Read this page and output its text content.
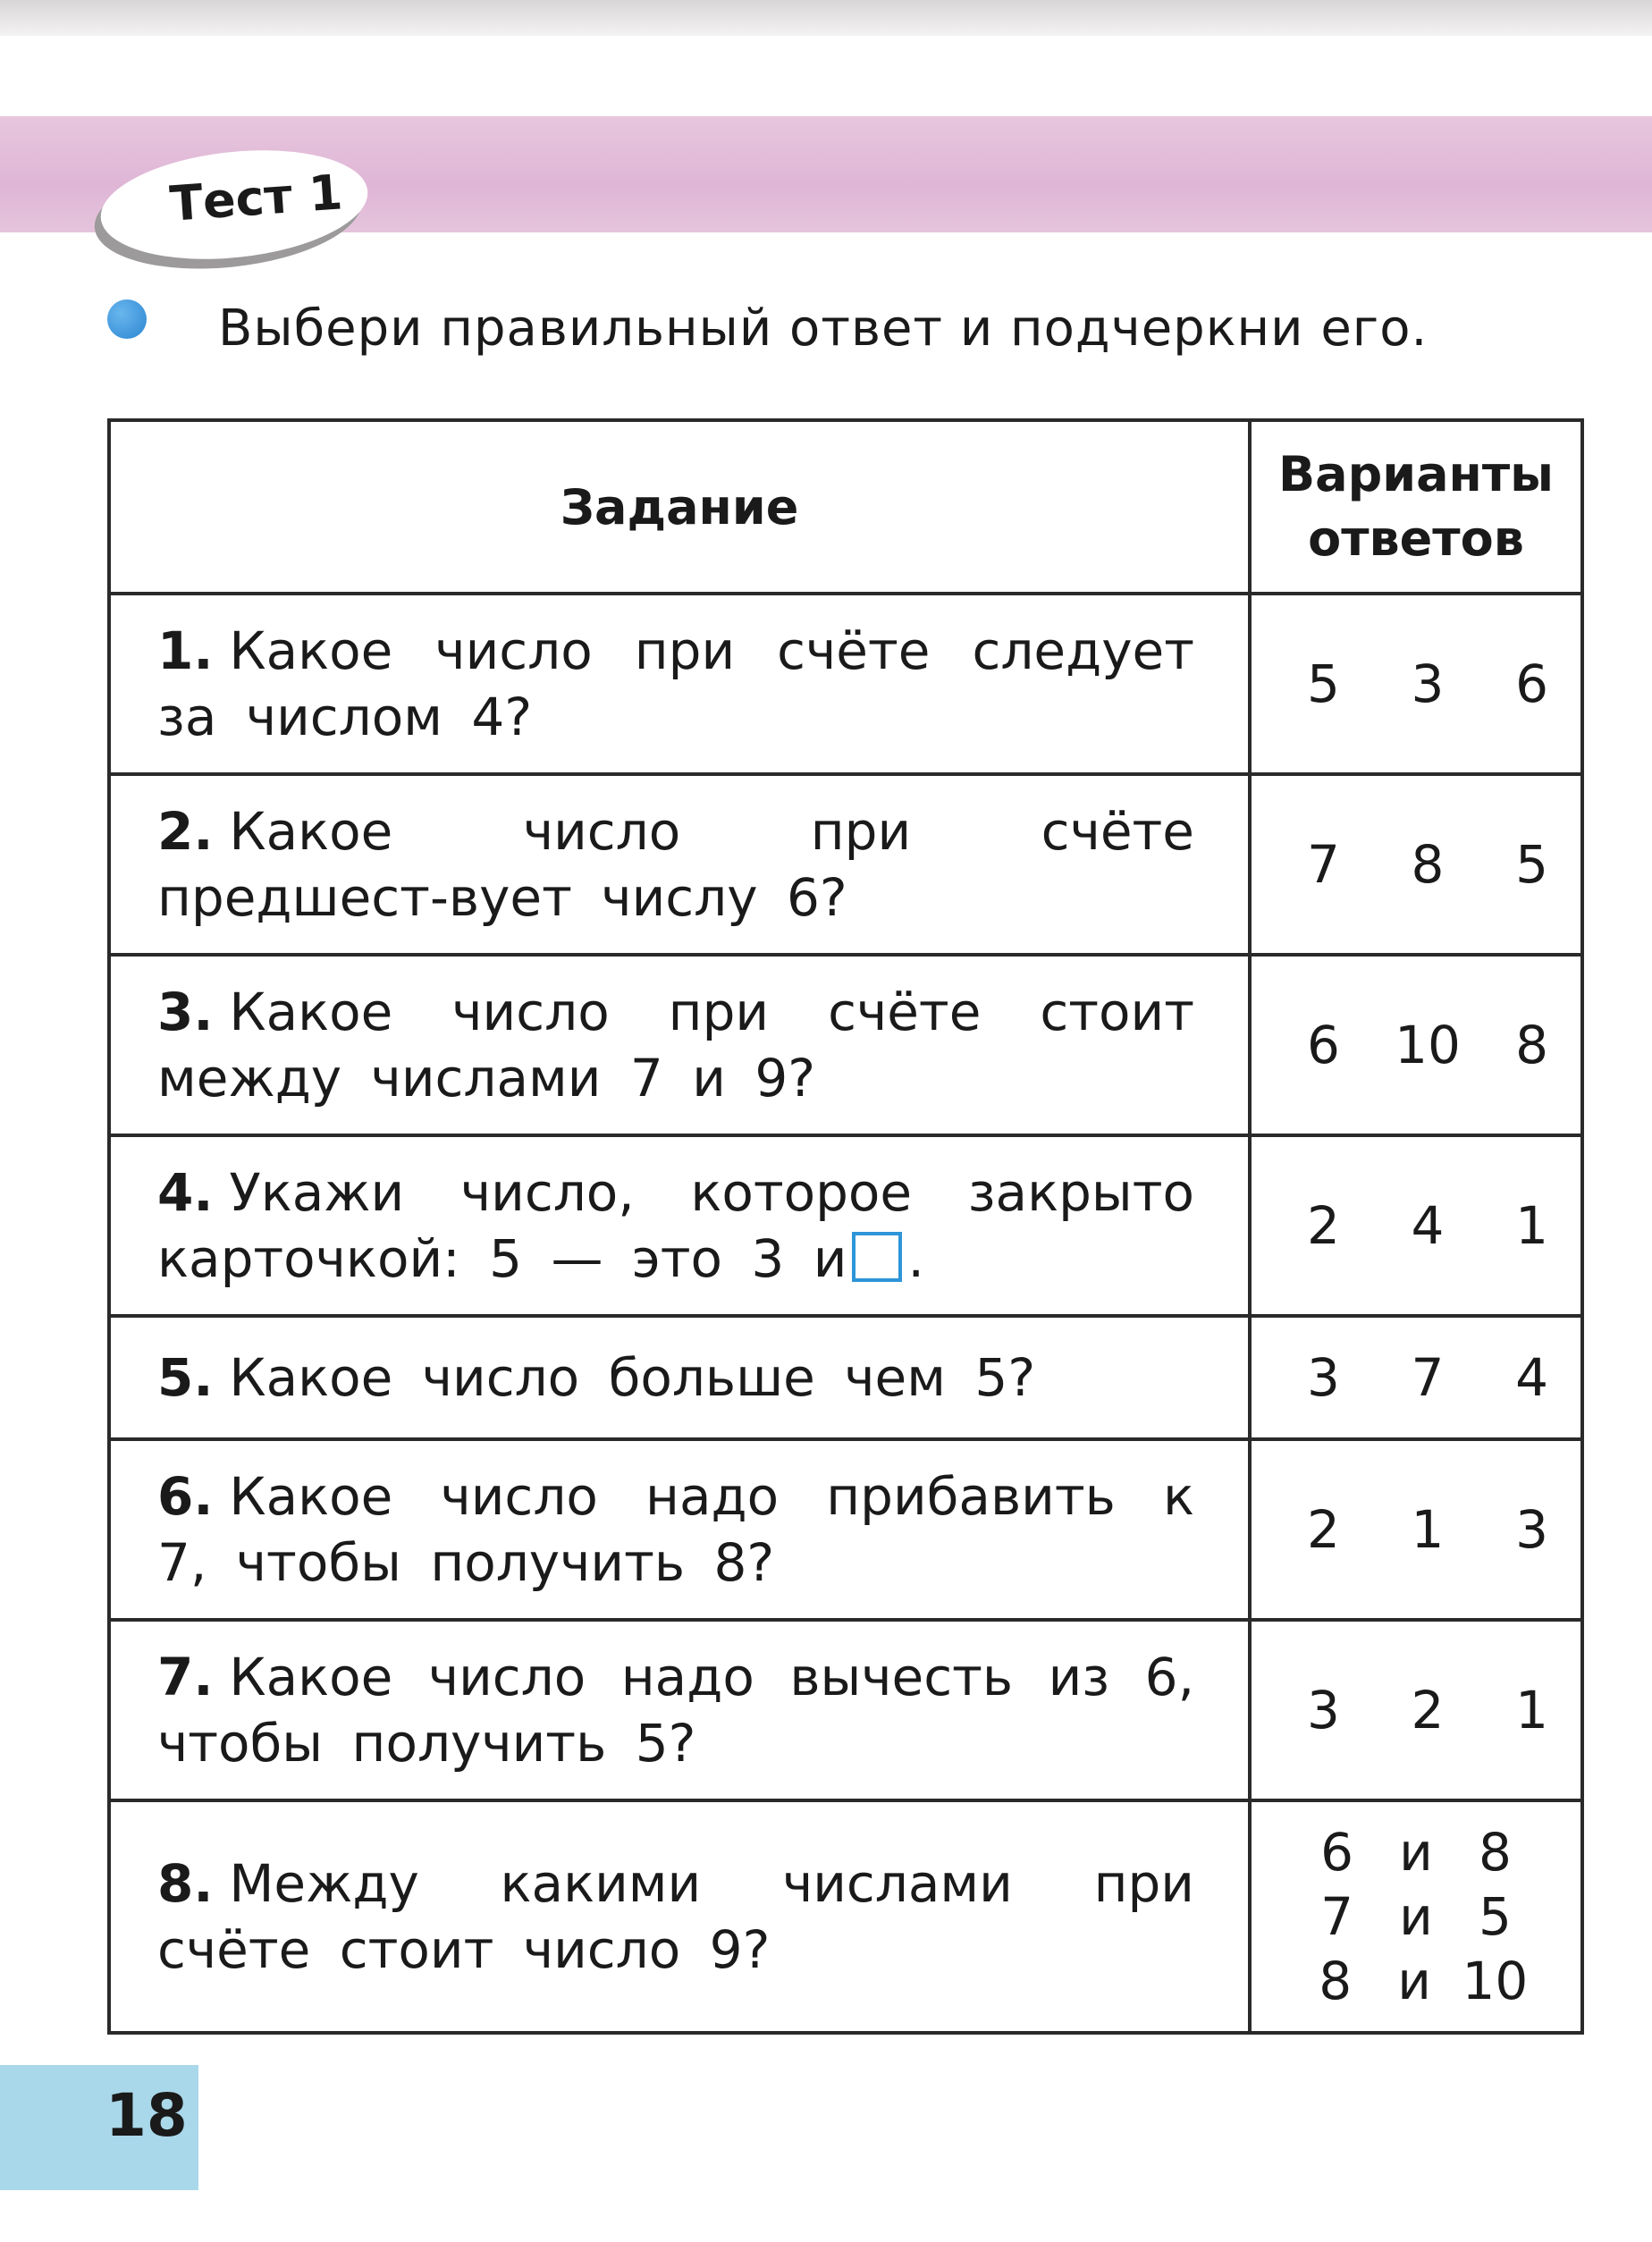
Тест 1
Выбери правильный ответ и подчеркни его.
Задание	Варианты
ответов

1. Какое число при счёте следует за числом 4?	5 3 6

2. Какое число при счёте предшест-вует числу 6?	7 8 5

3. Какое число при счёте стоит между числами 7 и 9?	6 10 8

4. Укажи число, которое закрыто карточкой: 5 — это 3 и .	2 4 1

5. Какое число больше чем 5?	3 7 4

6. Какое число надо прибавить к 7, чтобы получить 8?	2 1 3

7. Какое число надо вычесть из 6, чтобы получить 5?	3 2 1

8. Между какими числами при счёте стоит число 9?	6 и 8
7 и 5
8 и 10
18
